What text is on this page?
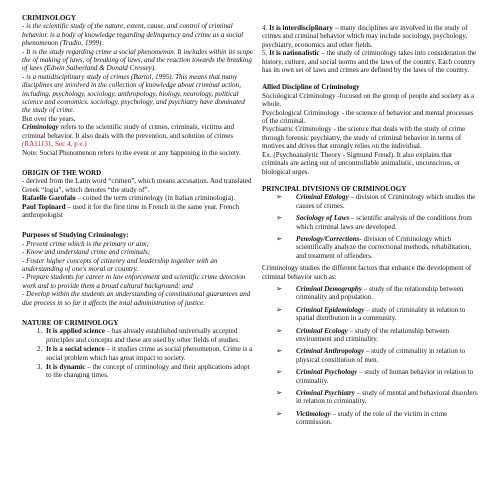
CRIMINOLOGY

- is the scientific study of the nature, extent, cause, and control of criminal behavior. is a body of knowledge regarding delinquency and crime as a social phenomenon (Tradio, 1999).

- It is the study regarding crime a social phenomenon. It includes within its scope the of making of laws, of breaking of laws, and the reaction towards the breaking of laws (Edwin Sutherland & Donald Cressey).

- is a mutidisciplinary study of crimes (Bartol, 1995). This means that many disciplines are involved in the collection of knowledge about criminal action, including, psychology, sociology, anthropology, biology, neurology, political science and economics. sociology, psychology, and psychiatry have dominated the study of crime.

But over the years,

Criminology refers to the scientific study of crimes, criminals, victims and criminal behavior. It also deals with the prevention, and solution of crimes (RA11131, Sec 4, p e.)

Note: Social Phenomenon refers to the event or any happening in the society.

ORIGIN OF THE WORD

- derived from the Latin word “crimen”, which means accusation. And translated Greek “logia”, which denotes “the study of”.

Rafaelle Garofalo – coined the term criminology (in Italian criminologia).

Paul Topinard – used it for the first time in French in the same year. French anthropologist

Purposes of Studying Criminology:

- Prevent crime which is the primary or aim;

- Know and understand crime and criminals;

- Foster higher concepts of citizenry and leadership together with an understanding of one's moral or country.

- Prepare students for career in law enforcement and scientific crime detection work and to provide them a broad cultural background; and

- Develop within the students an understanding of constitutional guarantees and due process in so far it affects the total administration of justice.

NATURE OF CRIMINOLOGY
1. It is applied science – has already established universally accepted principles and concepts and these are used by other fields of studies.
2. It is a social science – it studies crime as social phenomenon. Crime is a social problem which has great impact to society.
3. It is dynamic – the concept of criminology and their applications adopt to the changing times.

4. It is interdisciplinary – many disciplines are involved in the study of crimes and criminal behavior which may include sociology, psychology, psychiatry, economics and other fields.

5. It is nationalistic – the study of criminology takes into consideration the history, culture, and social norms and the laws of the country. Each country has its own set of laws and crimes are defined by the laws of the country.

Allied Discipline of Criminology

Sociological Criminology -focused on the group of people and society as a whole.

Psychological Criminology - the science of behavior and mental processes of the criminal.

Psychiatric Criminology - the science that deals with the study of crime through forensic psychiatry, the study of criminal behavior in terms of motives and drives that strongly relies on the individual.

Ex. (Psychoanalytic Theory - Sigmund Freud). It also explains that criminals are acting out of uncontrollable animalistic, unconscious, or biological urges.

PRINCIPAL DIVISIONS OF CRIMINOLOGY
➢ Criminal Etiology – division of Criminology which studies the causes of crimes.
➢ Sociology of Laws – scientific analysis of the conditions from which criminal laws are developed.
➢ Penology/Corrections- division of Criminology which scientifically analyze the correctional methods, rehabilitation, and treatment of offenders.

Criminology studies the different factors that enhance the development of criminal behavior such as:

➢ Criminal Demography – study of the relationship between criminality and population.
➢ Criminal Epidemiology – study of criminality in relation to spatial distribution in a community.
➢ Criminal Ecology – study of the relationship between environment and criminality.
➢ Criminal Anthropology – study of criminality in relation to physical constitution of men.
➢ Criminal Psychology – study of human behavior in relation to criminality.
➢ Criminal Psychiatry – study of mental and behavioral disorders in relation to criminality.
➢ Victimology – study of the role of the victim in crime commission.
